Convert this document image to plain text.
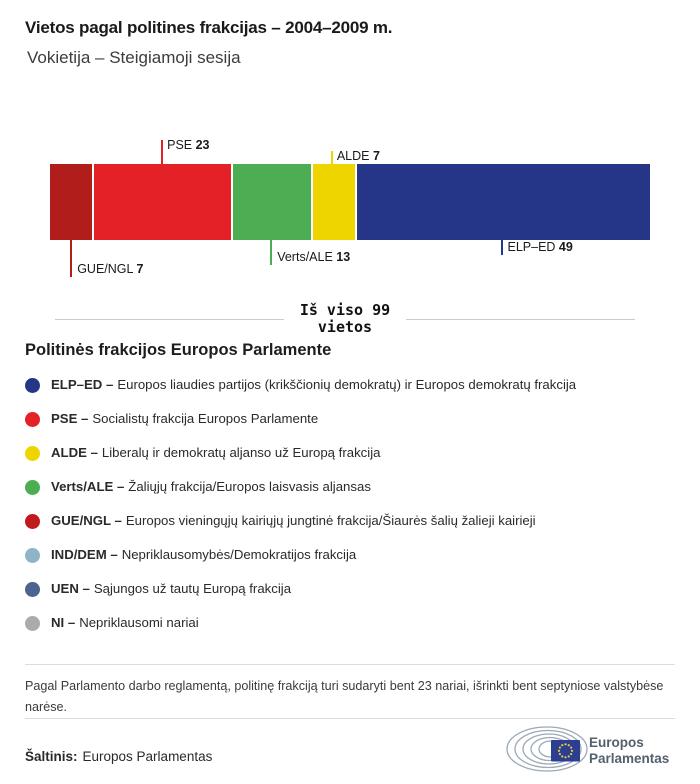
Vietos pagal politines frakcijas – 2004–2009 m.
Vokietija – Steigiamoji sesija
GUE/NGL 7
PSE 23
Verts/ALE 13
ALDE 7
ELP–ED 49
Iš viso 99
vietos
Politinės frakcijos Europos Parlamente
ELP–ED – Europos liaudies partijos (krikščionių demokratų) ir Europos demokratų frakcija
PSE – Socialistų frakcija Europos Parlamente
ALDE – Liberalų ir demokratų aljanso už Europą frakcija
Verts/ALE – Žaliųjų frakcija/Europos laisvasis aljansas
GUE/NGL – Europos vieningųjų kairiųjų jungtinė frakcija/Šiaurės šalių žalieji kairieji
IND/DEM – Nepriklausomybės/Demokratijos frakcija
UEN – Sąjungos už tautų Europą frakcija
NI – Nepriklausomi nariai
Pagal Parlamento darbo reglamentą, politinę frakciją turi sudaryti bent 23 nariai, išrinkti bent septyniose valstybėse narėse.
Šaltinis: Europos Parlamentas
Europos
Parlamentas
